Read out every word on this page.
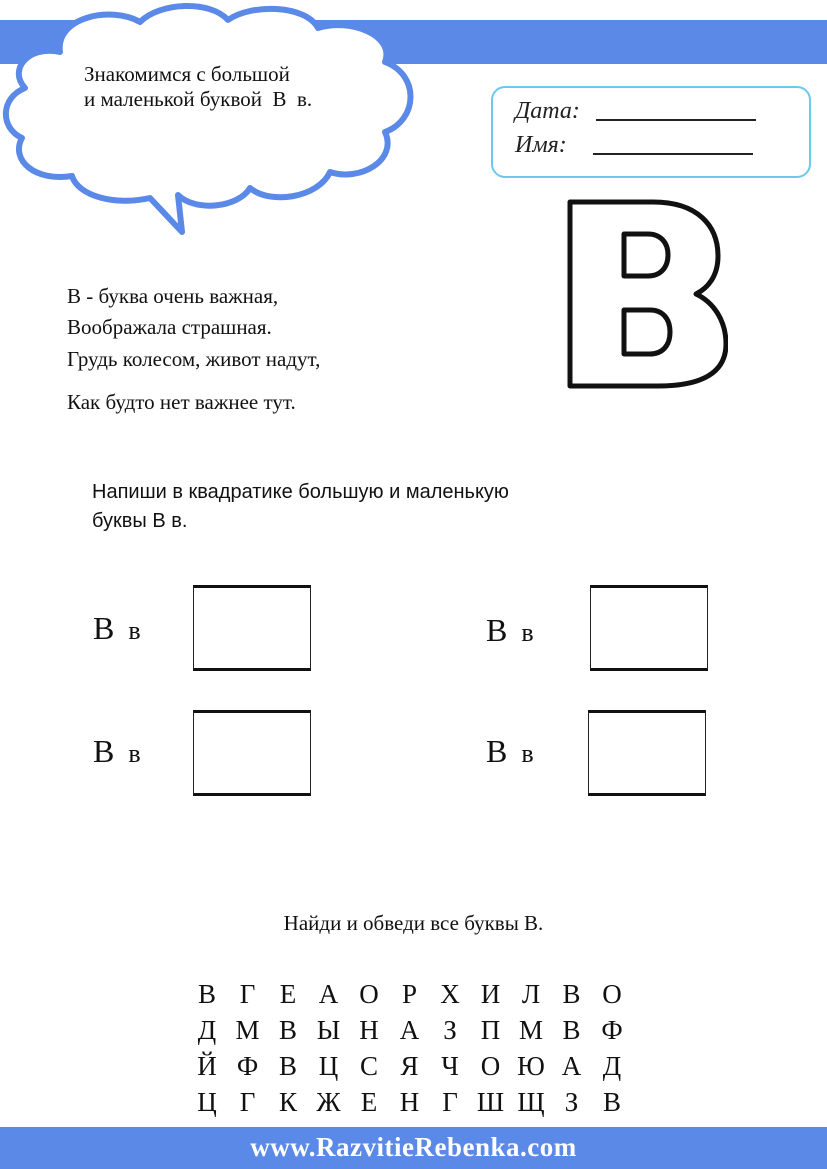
Знакомимся с большой
и маленькой буквой  В  в.	Дата:
Имя:
В
В - буква очень важная,
Воображала страшная.
Грудь колесом, живот надут,
Как будто нет важнее тут.
Напиши в квадратике большую и маленькую
буквы В в.
В в	В в
В в	В в
Найди и обведи все буквы В.
В Г Е А О Р Х И Л В О
Д М В Ы Н А З П М В Ф
Й Ф В Ц С Я Ч О Ю А Д
Ц Г К Ж Е Н Г Ш Щ З В
www.RazvitieRebenka.com
